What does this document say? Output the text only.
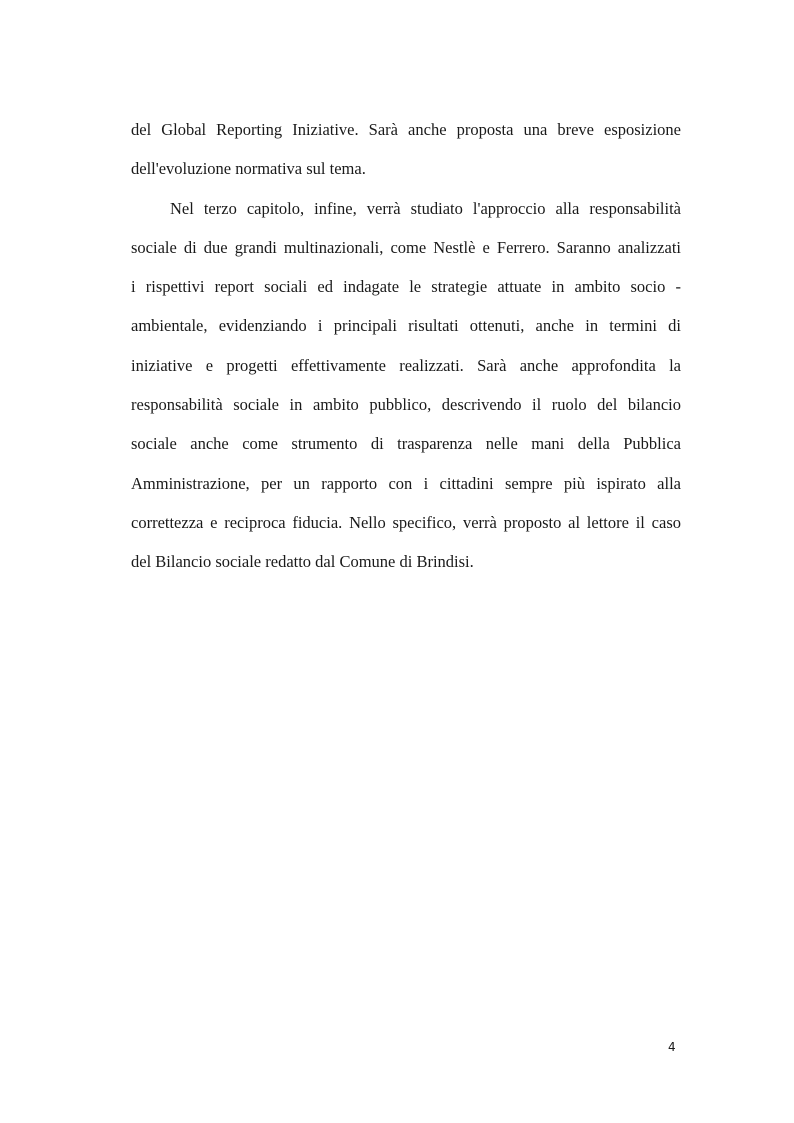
del Global Reporting Iniziative. Sarà anche proposta una breve esposizione
dell'evoluzione normativa sul tema.
Nel terzo capitolo, infine, verrà studiato l'approccio alla responsabilità
sociale di due grandi multinazionali, come Nestlè e Ferrero. Saranno analizzati
i rispettivi report sociali ed indagate le strategie attuate in ambito socio -
ambientale, evidenziando i principali risultati ottenuti, anche in termini di
iniziative e progetti effettivamente realizzati. Sarà anche approfondita la
responsabilità sociale in ambito pubblico, descrivendo il ruolo del bilancio
sociale anche come strumento di trasparenza nelle mani della Pubblica
Amministrazione, per un rapporto con i cittadini sempre più ispirato alla
correttezza e reciproca fiducia. Nello specifico, verrà proposto al lettore il caso
del Bilancio sociale redatto dal Comune di Brindisi.
4
